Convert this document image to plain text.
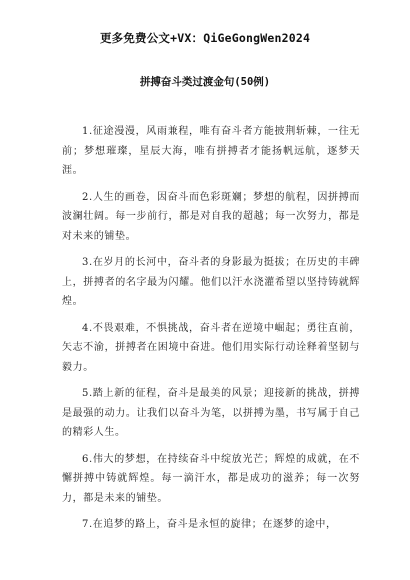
更多免费公文+VX：QiGeGongWen2024
拼搏奋斗类过渡金句(50例)

1.征途漫漫，风雨兼程，唯有奋斗者方能披荆斩棘，一往无前；梦想璀璨，星辰大海，唯有拼搏者才能扬帆远航，逐梦天涯。

2.人生的画卷，因奋斗而色彩斑斓；梦想的航程，因拼搏而波澜壮阔。每一步前行，都是对自我的超越；每一次努力，都是对未来的铺垫。

3.在岁月的长河中，奋斗者的身影最为挺拔；在历史的丰碑上，拼搏者的名字最为闪耀。他们以汗水浇灌希望以坚持铸就辉煌。

4.不畏艰难，不惧挑战，奋斗者在逆境中崛起；勇往直前，矢志不渝，拼搏者在困境中奋进。他们用实际行动诠释着坚韧与毅力。

5.踏上新的征程，奋斗是最美的风景；迎接新的挑战，拼搏是最强的动力。让我们以奋斗为笔，以拼搏为墨，书写属于自己的精彩人生。

6.伟大的梦想，在持续奋斗中绽放光芒；辉煌的成就，在不懈拼搏中铸就辉煌。每一滴汗水，都是成功的滋养；每一次努力，都是未来的铺垫。

7.在追梦的路上，奋斗是永恒的旋律；在逐梦的途中，
